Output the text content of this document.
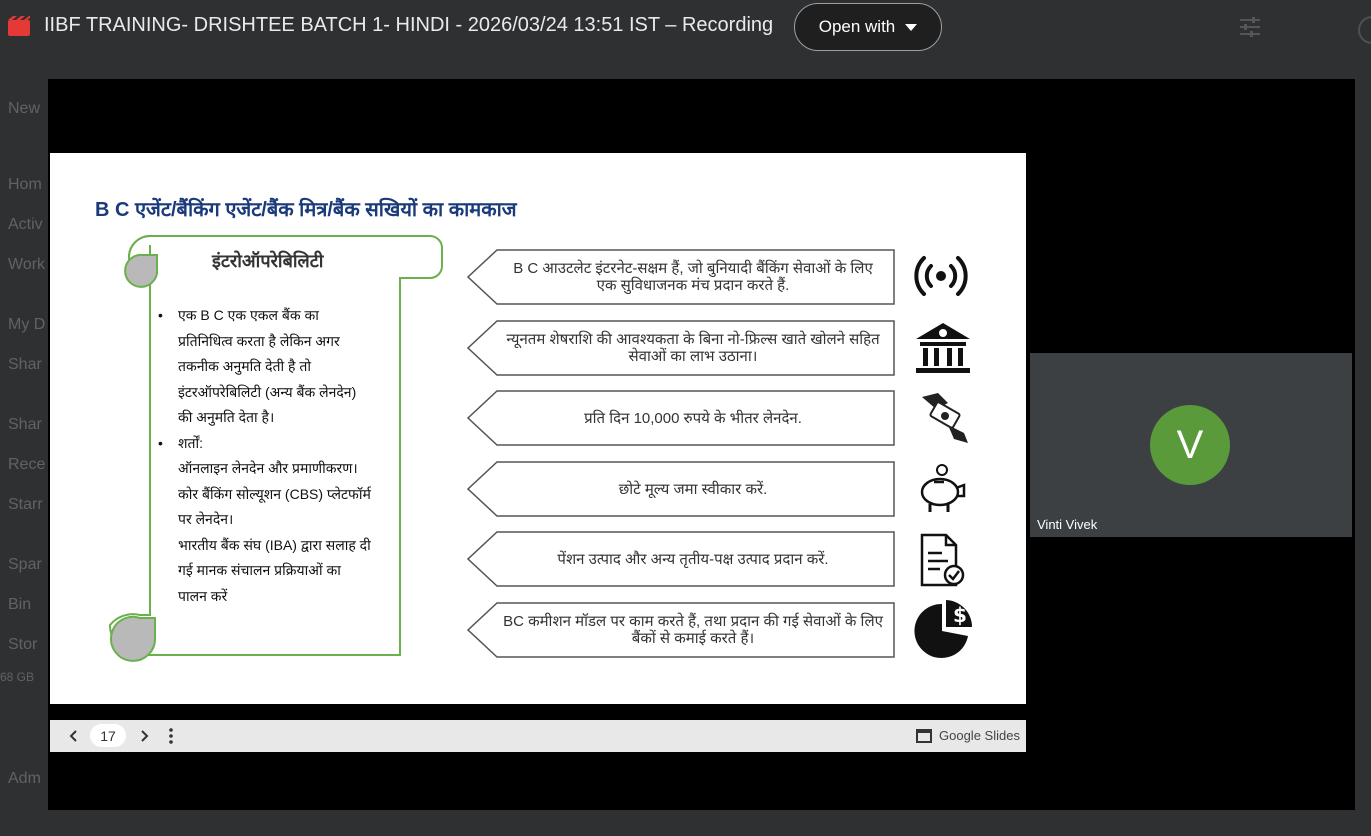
IIBF TRAINING- DRISHTEE BATCH 1- HINDI - 2026/03/24 13:51 IST – Recording	Open with
New
Hom
Activ
Work
My D
Shar
Shar
Rece
Starr
Spar
Bin
Stor
68 GB
Adm
B C एजेंट/बैंकिंग एजेंट/बैंक मित्र/बैंक सखियों का कामकाज
इंटरोऑपरेबिलिटी
• एक B C एक एकल बैंक का
प्रतिनिधित्व करता है लेकिन अगर
तकनीक अनुमति देती है तो
इंटरऑपरेबिलिटी (अन्य बैंक लेनदेन)
की अनुमति देता है।
• शर्तों:
ऑनलाइन लेनदेन और प्रमाणीकरण।
कोर बैंकिंग सोल्यूशन (CBS) प्लेटफॉर्म
पर लेनदेन।
भारतीय बैंक संघ (IBA) द्वारा सलाह दी
गई मानक संचालन प्रक्रियाओं का
पालन करें
B C आउटलेट इंटरनेट-सक्षम हैं, जो बुनियादी बैंकिंग सेवाओं के लिए एक सुविधाजनक मंच प्रदान करते हैं.
न्यूनतम शेषराशि की आवश्यकता के बिना नो-फ्रिल्स खाते खोलने सहित सेवाओं का लाभ उठाना।
प्रति दिन 10,000 रुपये के भीतर लेनदेन.
छोटे मूल्य जमा स्वीकार करें.
पेंशन उत्पाद और अन्य तृतीय-पक्ष उत्पाद प्रदान करें.
BC कमीशन मॉडल पर काम करते हैं, तथा प्रदान की गई सेवाओं के लिए बैंकों से कमाई करते हैं।
$
V
Vinti Vivek
17	Google Slides
